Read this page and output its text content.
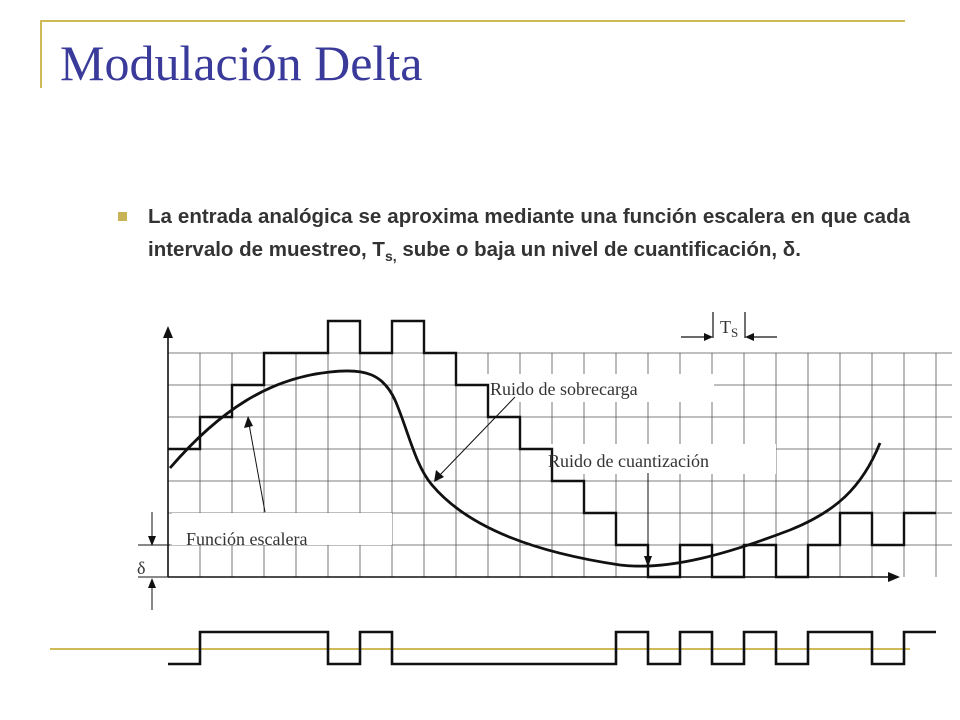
Modulación Delta

La entrada analógica se aproxima mediante una función escalera en que cada intervalo de muestreo, $T_{s,}$ sube o baja un nivel de cuantificación, δ.

$T_S$
Ruido de sobrecarga
Ruido de cuantización
Función escalera
δ
